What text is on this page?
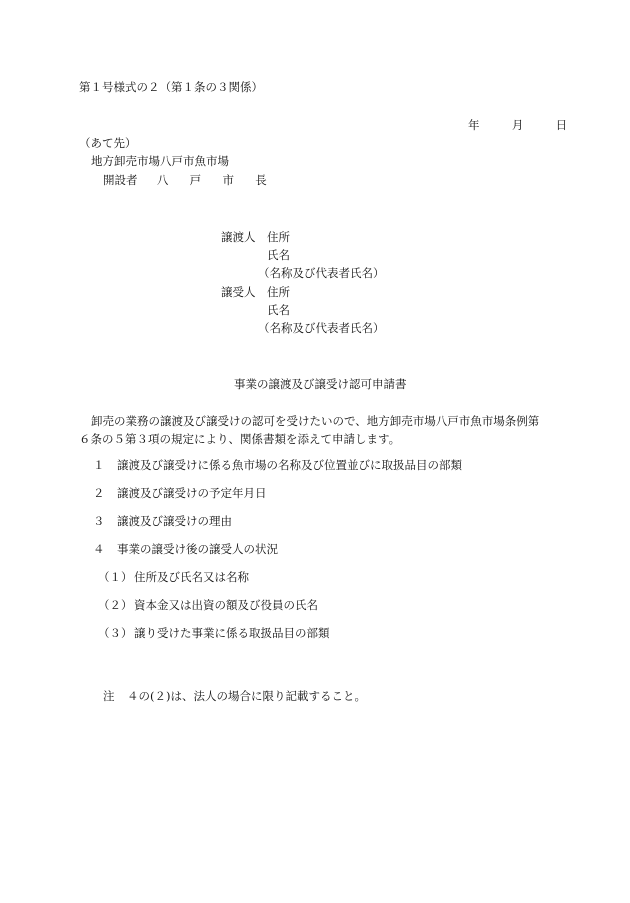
第１号様式の２（第１条の３関係）
年	月	日
（あて先）
地方卸売市場八戸市魚市場
開設者 八 戸 市 長
譲渡人 住所
氏名
（名称及び代表者氏名）
譲受人 住所
氏名
（名称及び代表者氏名）
事業の譲渡及び譲受け認可申請書
卸売の業務の譲渡及び譲受けの認可を受けたいので、地方卸売市場八戸市魚市場条例第
６条の５第３項の規定により、関係書類を添えて申請します。
１ 譲渡及び譲受けに係る魚市場の名称及び位置並びに取扱品目の部類
２ 譲渡及び譲受けの予定年月日
３ 譲渡及び譲受けの理由
４ 事業の譲受け後の譲受人の状況
（１） 住所及び氏名又は名称
（２） 資本金又は出資の額及び役員の氏名
（３） 譲り受けた事業に係る取扱品目の部類
注 ４の(２)は、法人の場合に限り記載すること。
